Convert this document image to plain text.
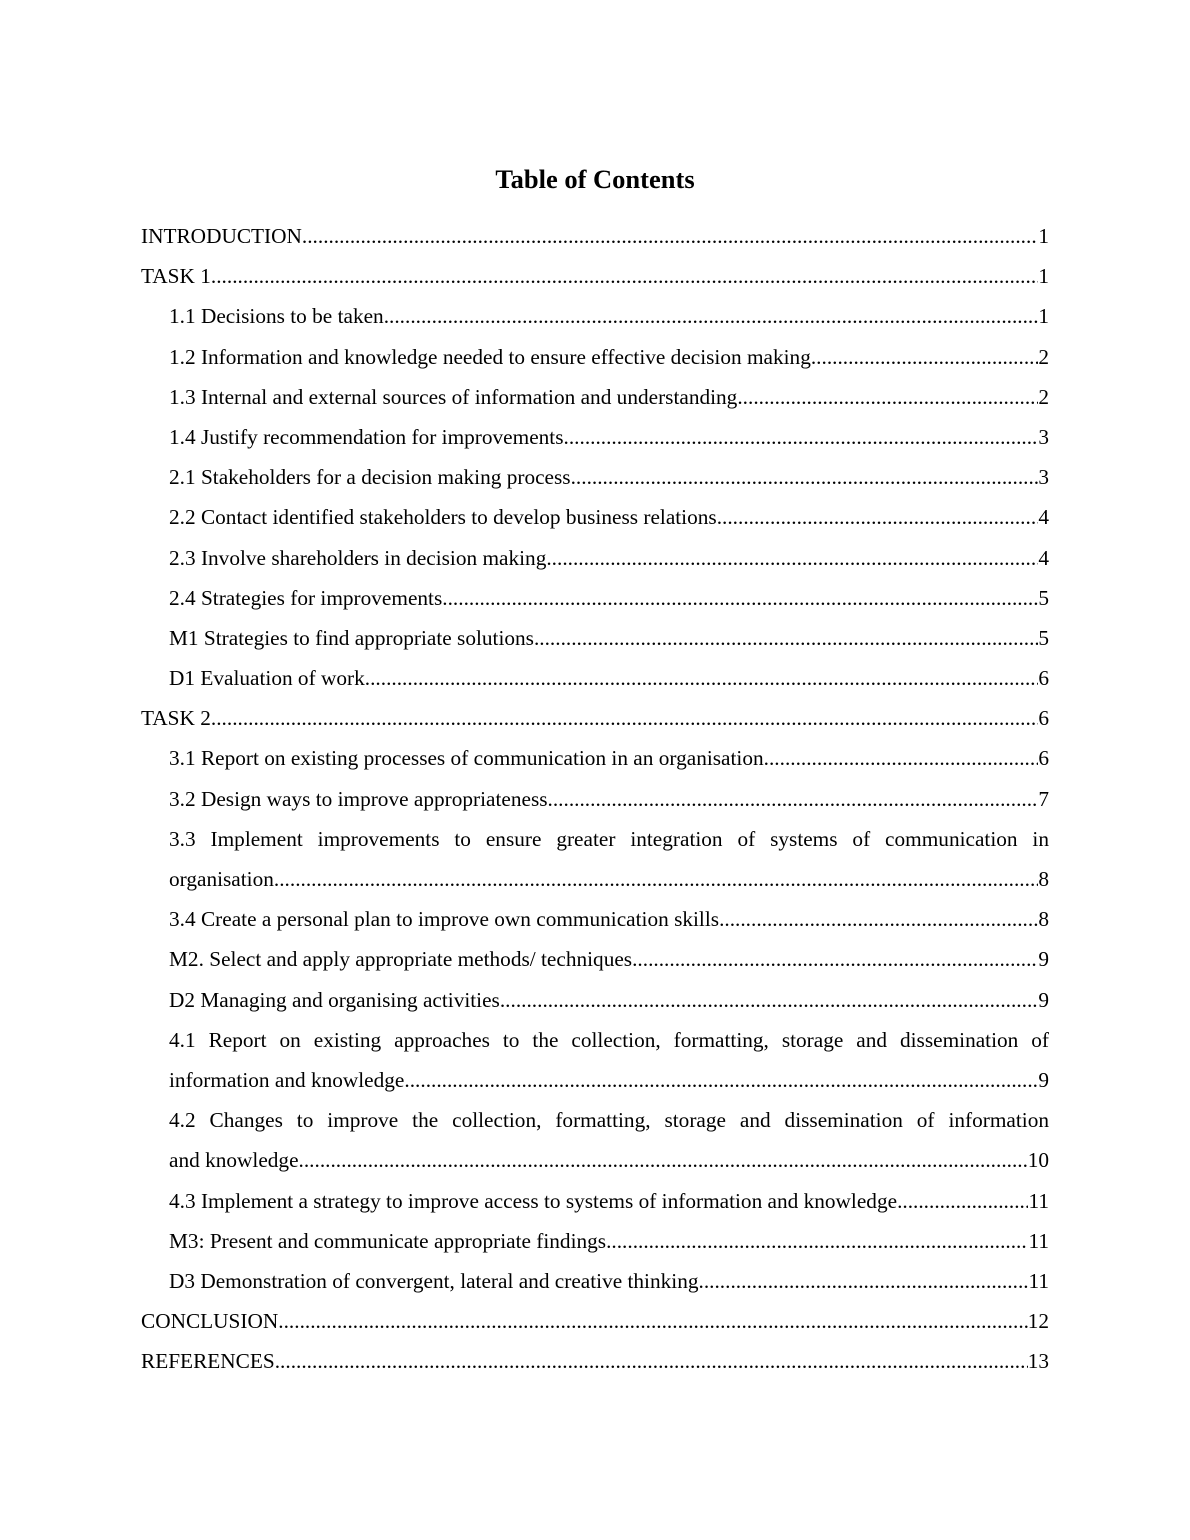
Table of Contents
INTRODUCTION .....	1
TASK 1 .....	1
1.1 Decisions to be taken .....	1
1.2 Information and knowledge needed to ensure effective decision making .....	2
1.3 Internal and external sources of information and understanding .....	2
1.4 Justify recommendation for improvements .....	3
2.1 Stakeholders for a decision making process .....	3
2.2 Contact identified stakeholders to develop business relations .....	4
2.3 Involve shareholders in decision making .....	4
2.4 Strategies for improvements .....	5
M1 Strategies to find appropriate solutions .....	5
D1 Evaluation of work .....	6
TASK 2 .....	6
3.1 Report on existing processes of communication in an organisation .....	6
3.2 Design ways to improve appropriateness .....	7
3.3 Implement improvements to ensure greater integration of systems of communication in
organisation .....	8
3.4 Create a personal plan to improve own communication skills .....	8
M2. Select and apply appropriate methods/ techniques .....	9
D2 Managing and organising activities .....	9
4.1 Report on existing approaches to the collection, formatting, storage and dissemination of
information and knowledge .....	9
4.2 Changes to improve the collection, formatting, storage and dissemination of information
and knowledge .....	10
4.3 Implement a strategy to improve access to systems of information and knowledge .....	11
M3: Present and communicate appropriate findings .....	11
D3 Demonstration of convergent, lateral and creative thinking .....	11
CONCLUSION .....	12
REFERENCES .....	13
